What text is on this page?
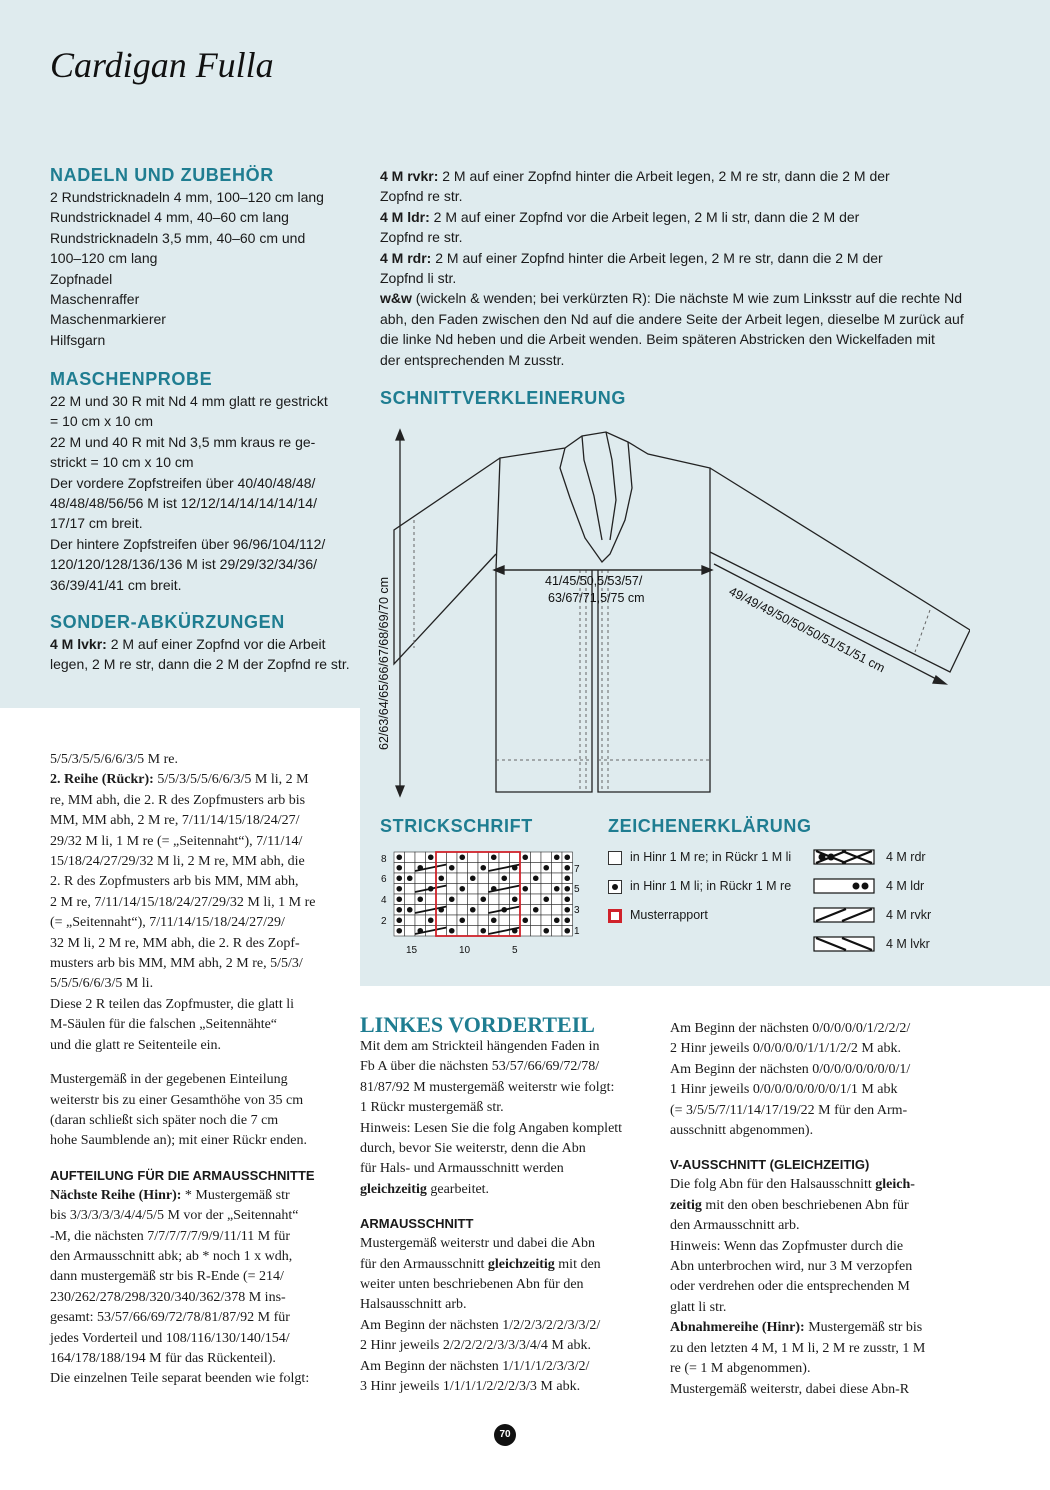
Cardigan Fulla

NADELN UND ZUBEHÖR

2 Rundstricknadeln 4 mm, 100–120 cm lang

Rundstricknadel 4 mm, 40–60 cm lang

Rundstricknadeln 3,5 mm, 40–60 cm und

100–120 cm lang

Zopfnadel

Maschenraffer

Maschenmarkierer

Hilfsgarn

MASCHENPROBE

22 M und 30 R mit Nd 4 mm glatt re gestrickt

= 10 cm x 10 cm

22 M und 40 R mit Nd 3,5 mm kraus re ge-

strickt = 10 cm x 10 cm

Der vordere Zopfstreifen über 40/40/48/48/

48/48/48/56/56 M ist 12/12/14/14/14/14/14/

17/17 cm breit.

Der hintere Zopfstreifen über 96/96/104/112/

120/120/128/136/136 M ist 29/29/32/34/36/

36/39/41/41 cm breit.

SONDER-ABKÜRZUNGEN

4 M lvkr: 2 M auf einer Zopfnd vor die Arbeit

legen, 2 M re str, dann die 2 M der Zopfnd re str.

4 M rvkr: 2 M auf einer Zopfnd hinter die Arbeit legen, 2 M re str, dann die 2 M der

Zopfnd re str.

4 M ldr: 2 M auf einer Zopfnd vor die Arbeit legen, 2 M li str, dann die 2 M der

Zopfnd re str.

4 M rdr: 2 M auf einer Zopfnd hinter die Arbeit legen, 2 M re str, dann die 2 M der

Zopfnd li str.

w&w (wickeln & wenden; bei verkürzten R): Die nächste M wie zum Linksstr auf die rechte Nd

abh, den Faden zwischen den Nd auf die andere Seite der Arbeit legen, dieselbe M zurück auf

die linke Nd heben und die Arbeit wenden. Beim späteren Abstricken den Wickelfaden mit

der entsprechenden M zusstr.

SCHNITTVERKLEINERUNG

62/63/64/65/66/67/68/69/70 cm	41/45/50,5/53/57/
63/67/71,5/75 cm	49/49/49/50/50/50/51/51/51 cm

STRICKSCHRIFT

8
6
4
2
7
5
3
1
15	10	5

ZEICHENERKLÄRUNG

in Hinr 1 M re; in Rückr 1 M li
in Hinr 1 M li; in Rückr 1 M re
Musterrapport
4 M rdr
4 M ldr
4 M rvkr
4 M lvkr

5/5/3/5/5/6/6/3/5 M re.

2. Reihe (Rückr): 5/5/3/5/5/6/6/3/5 M li, 2 M

re, MM abh, die 2. R des Zopfmusters arb bis

MM, MM abh, 2 M re, 7/11/14/15/18/24/27/

29/32 M li, 1 M re (= „Seitennaht“), 7/11/14/

15/18/24/27/29/32 M li, 2 M re, MM abh, die

2. R des Zopfmusters arb bis MM, MM abh,

2 M re, 7/11/14/15/18/24/27/29/32 M li, 1 M re

(= „Seitennaht“), 7/11/14/15/18/24/27/29/

32 M li, 2 M re, MM abh, die 2. R des Zopf-

musters arb bis MM, MM abh, 2 M re, 5/5/3/

5/5/5/6/6/3/5 M li.

Diese 2 R teilen das Zopfmuster, die glatt li

M-Säulen für die falschen „Seitennähte“

und die glatt re Seitenteile ein.

Mustergemäß in der gegebenen Einteilung

weiterstr bis zu einer Gesamthöhe von 35 cm

(daran schließt sich später noch die 7 cm

hohe Saumblende an); mit einer Rückr enden.

AUFTEILUNG FÜR DIE ARMAUSSCHNITTE

Nächste Reihe (Hinr): * Mustergemäß str

bis 3/3/3/3/3/4/4/5/5 M vor der „Seitennaht“

-M, die nächsten 7/7/7/7/7/9/9/11/11 M für

den Armausschnitt abk; ab * noch 1 x wdh,

dann mustergemäß str bis R-Ende (= 214/

230/262/278/298/320/340/362/378 M ins-

gesamt: 53/57/66/69/72/78/81/87/92 M für

jedes Vorderteil und 108/116/130/140/154/

164/178/188/194 M für das Rückenteil).

Die einzelnen Teile separat beenden wie folgt:

LINKES VORDERTEIL

Mit dem am Strickteil hängenden Faden in

Fb A über die nächsten 53/57/66/69/72/78/

81/87/92 M mustergemäß weiterstr wie folgt:

1 Rückr mustergemäß str.

Hinweis: Lesen Sie die folg Angaben komplett

durch, bevor Sie weiterstr, denn die Abn

für Hals- und Armausschnitt werden

gleichzeitig gearbeitet.

ARMAUSSCHNITT

Mustergemäß weiterstr und dabei die Abn

für den Armausschnitt gleichzeitig mit den

weiter unten beschriebenen Abn für den

Halsausschnitt arb.

Am Beginn der nächsten 1/2/2/3/2/2/3/3/2/

2 Hinr jeweils 2/2/2/2/2/3/3/3/4/4 M abk.

Am Beginn der nächsten 1/1/1/1/2/3/3/2/

3 Hinr jeweils 1/1/1/1/2/2/2/3/3 M abk.

Am Beginn der nächsten 0/0/0/0/0/1/2/2/2/

2 Hinr jeweils 0/0/0/0/0/1/1/1/2/2 M abk.

Am Beginn der nächsten 0/0/0/0/0/0/0/0/1/

1 Hinr jeweils 0/0/0/0/0/0/0/0/1/1 M abk

(= 3/5/5/7/11/14/17/19/22 M für den Arm-

ausschnitt abgenommen).

V-AUSSCHNITT (GLEICHZEITIG)

Die folg Abn für den Halsausschnitt gleich-

zeitig mit den oben beschriebenen Abn für

den Armausschnitt arb.

Hinweis: Wenn das Zopfmuster durch die

Abn unterbrochen wird, nur 3 M verzopfen

oder verdrehen oder die entsprechenden M

glatt li str.

Abnahmereihe (Hinr): Mustergemäß str bis

zu den letzten 4 M, 1 M li, 2 M re zusstr, 1 M

re (= 1 M abgenommen).

Mustergemäß weiterstr, dabei diese Abn-R

70
